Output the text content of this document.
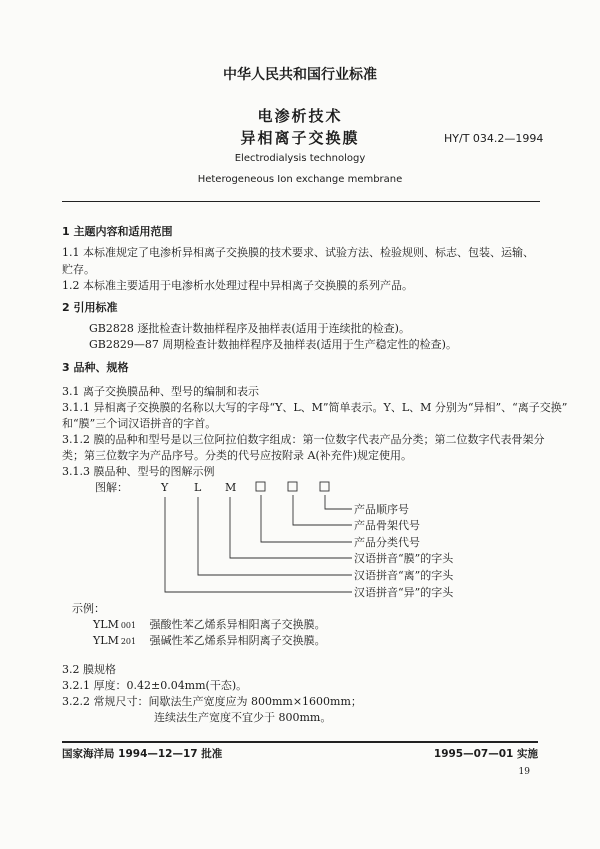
中华人民共和国行业标准
电渗析技术
异相离子交换膜	HY/T 034.2—1994
Electrodialysis technology
Heterogeneous Ion exchange membrane
1 主题内容和适用范围
1.1 本标准规定了电渗析异相离子交换膜的技术要求、试验方法、检验规则、标志、包装、运输、
贮存。
1.2 本标准主要适用于电渗析水处理过程中异相离子交换膜的系列产品。
2 引用标准
GB2828 逐批检查计数抽样程序及抽样表(适用于连续批的检查)。
GB2829—87 周期检查计数抽样程序及抽样表(适用于生产稳定性的检查)。
3 品种、规格
3.1 离子交换膜品种、型号的编制和表示
3.1.1 异相离子交换膜的名称以大写的字母“Y、L、M”简单表示。Y、L、M 分别为“异相”、“离子交换”
和“膜”三个词汉语拼音的字首。
3.1.2 膜的品种和型号是以三位阿拉伯数字组成：第一位数字代表产品分类；第二位数字代表骨架分
类；第三位数字为产品序号。分类的代号应按附录 A(补充件)规定使用。
3.1.3 膜品种、型号的图解示例
图解：	Y L M
产品顺序号
产品骨架代号
产品分类代号
汉语拼音“膜”的字头
汉语拼音“离”的字头
汉语拼音“异”的字头
示例：
YLM 001 强酸性苯乙烯系异相阳离子交换膜。
YLM 201 强碱性苯乙烯系异相阴离子交换膜。
3.2 膜规格
3.2.1 厚度：0.42±0.04mm(干态)。
3.2.2 常规尺寸：间歇法生产宽度应为 800mm×1600mm；
连续法生产宽度不宜少于 800mm。
国家海洋局 1994—12—17 批准	1995—07—01 实施
19
